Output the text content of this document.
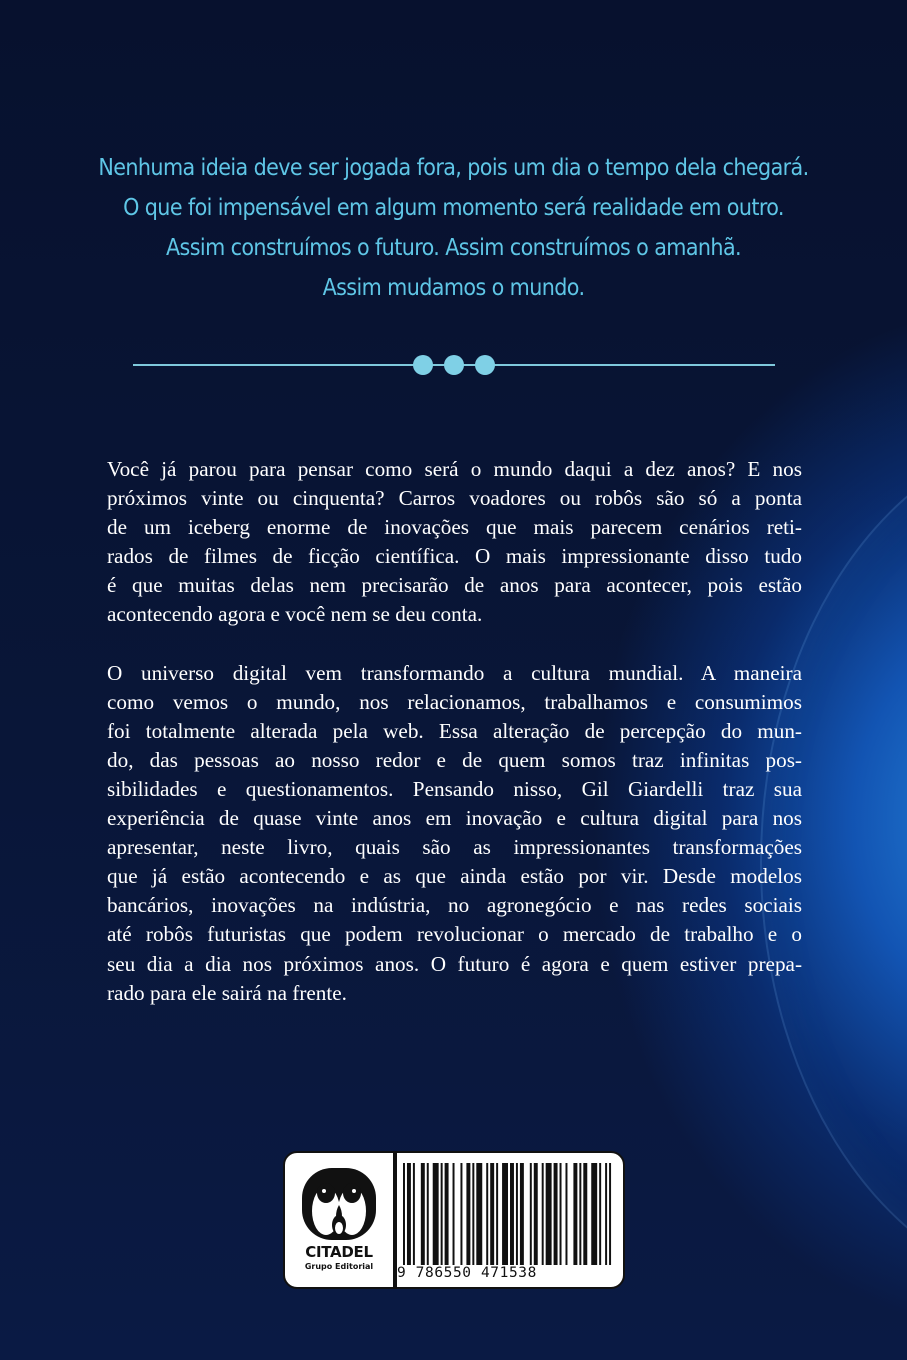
Nenhuma ideia deve ser jogada fora, pois um dia o tempo dela chegará.
O que foi impensável em algum momento será realidade em outro.
Assim construímos o futuro. Assim construímos o amanhã.
Assim mudamos o mundo.
Você já parou para pensar como será o mundo daqui a dez anos? E nos
próximos vinte ou cinquenta? Carros voadores ou robôs são só a ponta
de um iceberg enorme de inovações que mais parecem cenários reti-
rados de filmes de ficção científica. O mais impressionante disso tudo
é que muitas delas nem precisarão de anos para acontecer, pois estão
acontecendo agora e você nem se deu conta.
O universo digital vem transformando a cultura mundial. A maneira
como vemos o mundo, nos relacionamos, trabalhamos e consumimos
foi totalmente alterada pela web. Essa alteração de percepção do mun-
do, das pessoas ao nosso redor e de quem somos traz infinitas pos-
sibilidades e questionamentos. Pensando nisso, Gil Giardelli traz sua
experiência de quase vinte anos em inovação e cultura digital para nos
apresentar, neste livro, quais são as impressionantes transformações
que já estão acontecendo e as que ainda estão por vir. Desde modelos
bancários, inovações na indústria, no agronegócio e nas redes sociais
até robôs futuristas que podem revolucionar o mercado de trabalho e o
seu dia a dia nos próximos anos. O futuro é agora e quem estiver prepa-
rado para ele sairá na frente.
CITADEL
Grupo Editorial	9 786550 471538
